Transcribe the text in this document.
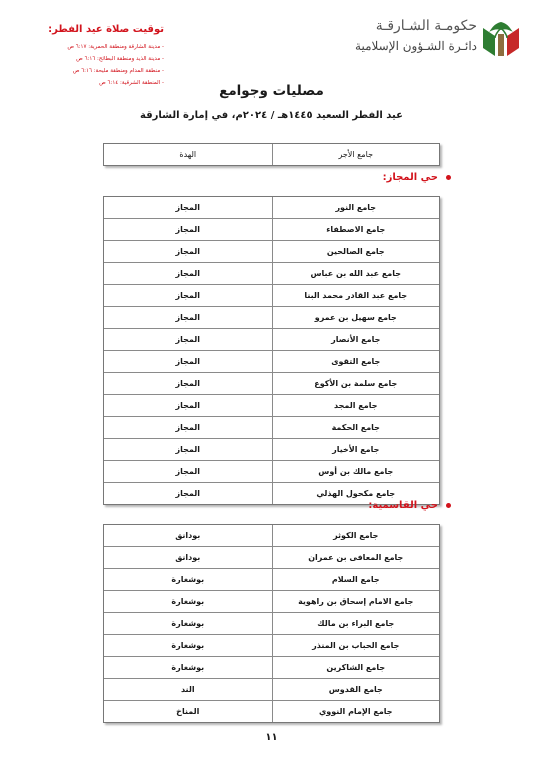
حكومـة الشـارقـة
دائـرة الشـؤون الإسلامية
توقيت صلاة عيد الفطر:
- مدينة الشارقة ومنطقة الحمرية: ٦:١٧ ص
- مدينة الذيد ومنطقة البطائح: ٦:١٦ ص
- منطقة المدام ومنطقة مليحة: ٦:١٦ ص
- المنطقة الشرقية: ٦:١٤ ص	مصليات وجوامع
عيد الفطر السعيد ١٤٤٥هـ / ٢٠٢٤م، في إمارة الشارقة
جامع الأجر
الهدة
حي المجاز:
جامع النور
المجاز
جامع الاصطفاء
المجاز
جامع الصالحين
المجاز
جامع عبد الله بن عباس
المجاز
جامع عبد القادر محمد البنا
المجاز
جامع سهيل بن عمرو
المجاز
جامع الأنصار
المجاز
جامع التقوى
المجاز
جامع سلمة بن الأكوع
المجاز
جامع المجد
المجاز
جامع الحكمة
المجاز
جامع الأخيار
المجاز
جامع مالك بن أوس
المجاز
جامع مكحول الهذلي
المجاز
حي القاسمية:
جامع الكوثر
بودانق
جامع المعافى بن عمران
بودانق
جامع السلام
بوشغارة
جامع الامام إسحاق بن راهوية
بوشغارة
جامع البراء بن مالك
بوشغارة
جامع الحباب بن المنذر
بوشغارة
جامع الشاكرين
بوشغارة
جامع القدوس
الند
جامع الإمام النووي
المناخ
١١
